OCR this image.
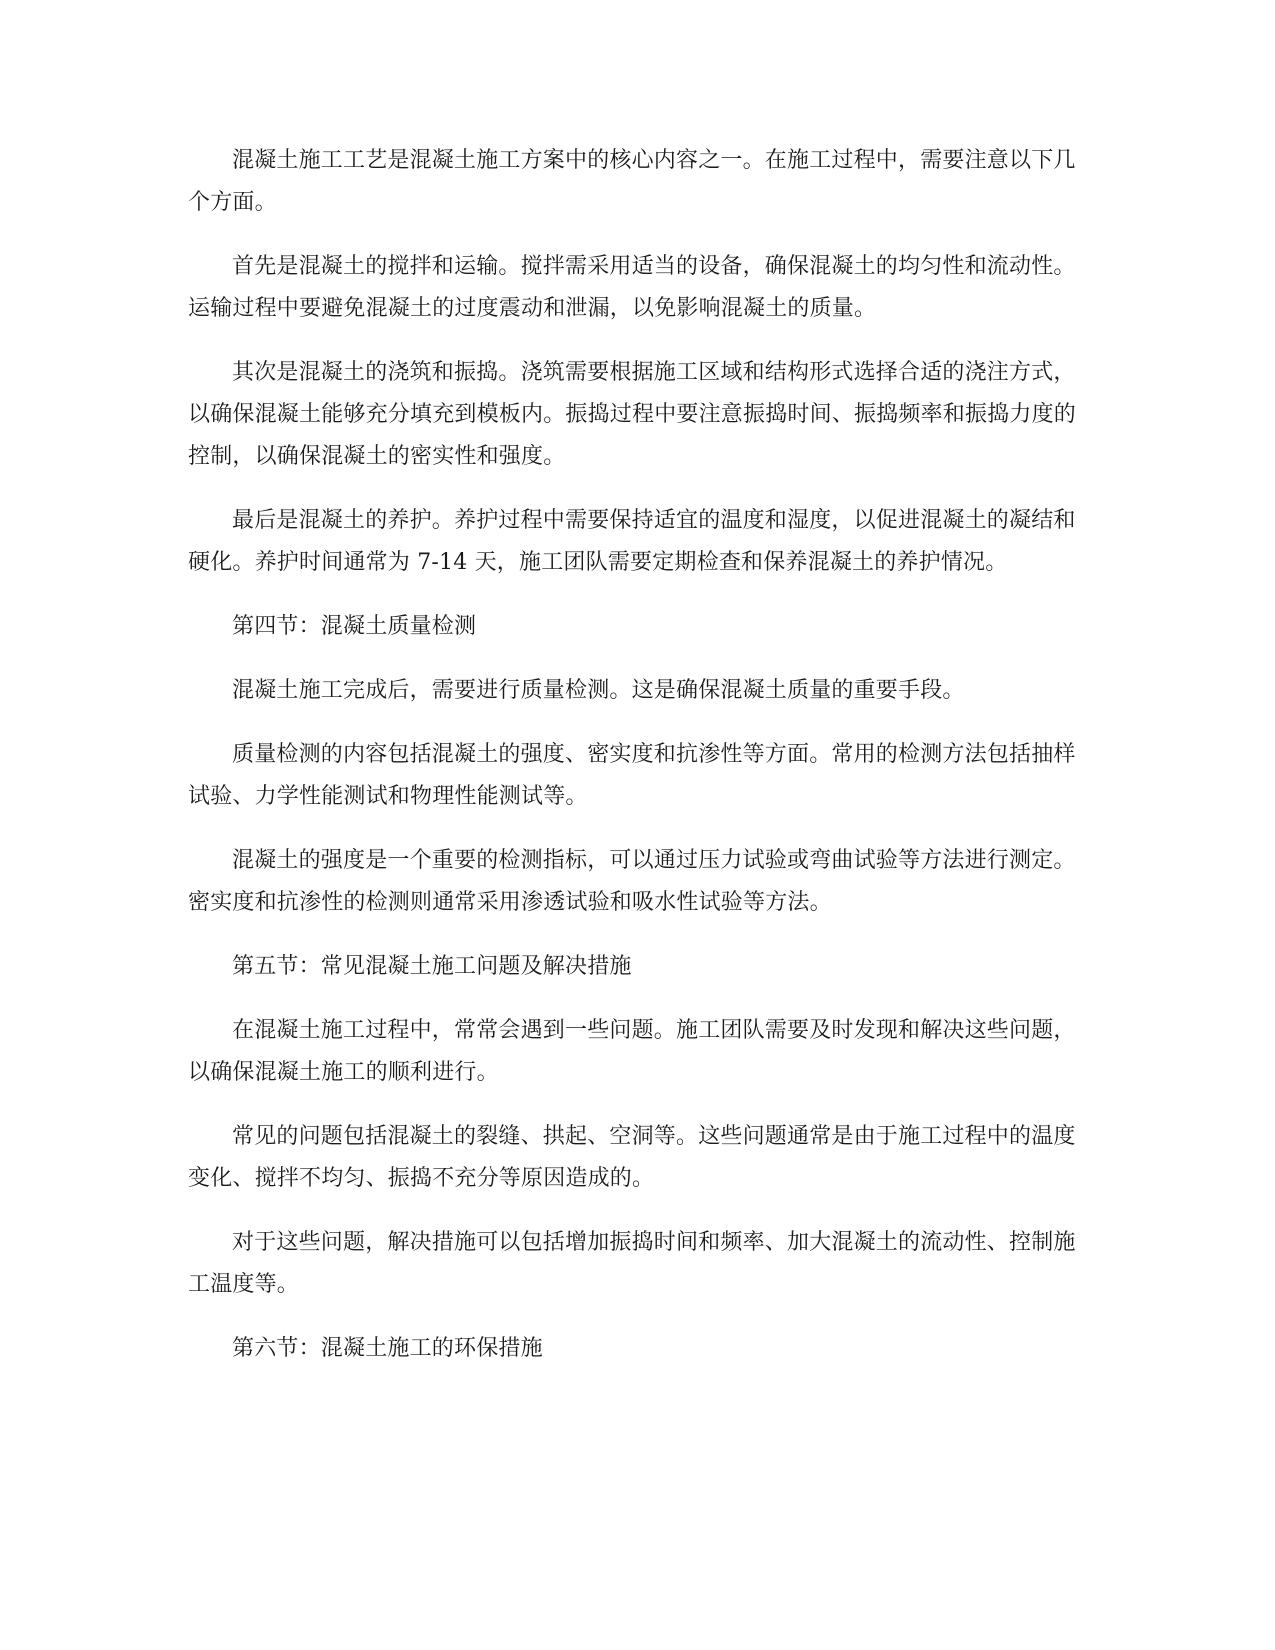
混凝土施工工艺是混凝土施工方案中的核心内容之一。在施工过程中，需要注意以下几个方面。

首先是混凝土的搅拌和运输。搅拌需采用适当的设备，确保混凝土的均匀性和流动性。运输过程中要避免混凝土的过度震动和泄漏，以免影响混凝土的质量。

其次是混凝土的浇筑和振捣。浇筑需要根据施工区域和结构形式选择合适的浇注方式，以确保混凝土能够充分填充到模板内。振捣过程中要注意振捣时间、振捣频率和振捣力度的控制，以确保混凝土的密实性和强度。

最后是混凝土的养护。养护过程中需要保持适宜的温度和湿度，以促进混凝土的凝结和硬化。养护时间通常为 7-14 天，施工团队需要定期检查和保养混凝土的养护情况。

第四节：混凝土质量检测

混凝土施工完成后，需要进行质量检测。这是确保混凝土质量的重要手段。

质量检测的内容包括混凝土的强度、密实度和抗渗性等方面。常用的检测方法包括抽样试验、力学性能测试和物理性能测试等。

混凝土的强度是一个重要的检测指标，可以通过压力试验或弯曲试验等方法进行测定。密实度和抗渗性的检测则通常采用渗透试验和吸水性试验等方法。

第五节：常见混凝土施工问题及解决措施

在混凝土施工过程中，常常会遇到一些问题。施工团队需要及时发现和解决这些问题，以确保混凝土施工的顺利进行。

常见的问题包括混凝土的裂缝、拱起、空洞等。这些问题通常是由于施工过程中的温度变化、搅拌不均匀、振捣不充分等原因造成的。

对于这些问题，解决措施可以包括增加振捣时间和频率、加大混凝土的流动性、控制施工温度等。

第六节：混凝土施工的环保措施
